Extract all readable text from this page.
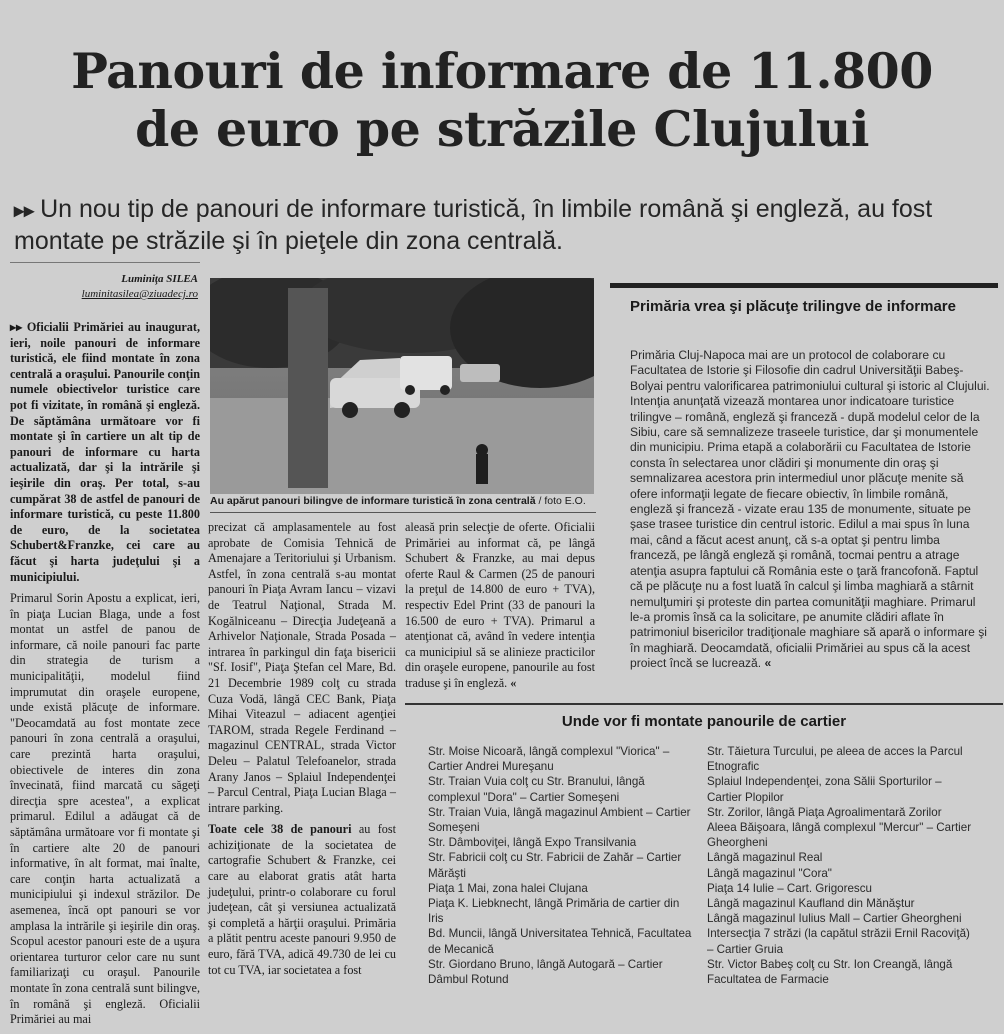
Panouri de informare de 11.800
de euro pe străzile Clujului
▸▸ Un nou tip de panouri de informare turistică, în limbile română şi engleză, au fost montate pe străzile şi în pieţele din zona centrală.
Luminiţa SILEA
luminitasilea@ziuadecj.ro

▸▸ Oficialii Primăriei au inaugurat, ieri, noile panouri de informare turistică, ele fiind montate în zona centrală a oraşului. Panourile conţin numele obiectivelor turistice care pot fi vizitate, în română şi engleză. De săptămâna următoare vor fi montate şi în cartiere un alt tip de panouri de informare cu harta actualizată, dar şi la intrările şi ieşirile din oraş. Per total, s-au cumpărat 38 de astfel de panouri de informare turistică, cu peste 11.800 de euro, de la societatea Schubert&Franzke, cei care au făcut şi harta judeţului şi a municipiului.

Primarul Sorin Apostu a explicat, ieri, în piaţa Lucian Blaga, unde a fost montat un astfel de panou de informare, că noile panouri fac parte din strategia de turism a municipalităţii, modelul fiind imprumutat din oraşele europene, unde există plăcuţe de informare. "Deocamdată au fost montate zece panouri în zona centrală a oraşului, care prezintă harta oraşului, obiectivele de interes din zona învecinată, fiind marcată cu săgeţi direcţia spre acestea", a explicat primarul. Edilul a adăugat că de săptămâna următoare vor fi montate şi în cartiere alte 20 de panouri informative, în alt format, mai înalte, care conţin harta actualizată a municipiului şi indexul străzilor. De asemenea, încă opt panouri se vor amplasa la intrările şi ieşirile din oraş. Scopul acestor panouri este de a uşura orientarea turturor celor care nu sunt familiarizaţi cu oraşul. Panourile montate în zona centrală sunt bilingve, în română şi engleză. Oficialii Primăriei au mai

Au apărut panouri bilingve de informare turistică în zona centrală / foto E.O.

precizat că amplasamentele au fost aprobate de Comisia Tehnică de Amenajare a Teritoriului şi Urbanism. Astfel, în zona centrală s-au montat panouri în Piaţa Avram Iancu – vizavi de Teatrul Naţional, Strada M. Kogălniceanu – Direcţia Judeţeană a Arhivelor Naţionale, Strada Posada – intrarea în parkingul din faţa bisericii "Sf. Iosif", Piaţa Ştefan cel Mare, Bd. 21 Decembrie 1989 colţ cu strada Cuza Vodă, lângă CEC Bank, Piaţa Mihai Viteazul – adiacent agenţiei TAROM, strada Regele Ferdinand – magazinul CENTRAL, strada Victor Deleu – Palatul Telefoanelor, strada Arany Janos – Splaiul Independenţei – Parcul Central, Piaţa Lucian Blaga – intrare parking.

Toate cele 38 de panouri au fost achiziţionate de la societatea de cartografie Schubert & Franzke, cei care au elaborat gratis atât harta judeţului, printr-o colaborare cu forul judeţean, cât şi versiunea actualizată şi completă a hărţii oraşului. Primăria a plătit pentru aceste panouri 9.950 de euro, fără TVA, adică 49.730 de lei cu tot cu TVA, iar societatea a fost

aleasă prin selecţie de oferte. Oficialii Primăriei au informat că, pe lângă Schubert & Franzke, au mai depus oferte Raul & Carmen (25 de panouri la preţul de 14.800 de euro + TVA), respectiv Edel Print (33 de panouri la 16.500 de euro + TVA). Primarul a atenţionat că, având în vedere intenţia ca municipiul să se alinieze practicilor din oraşele europene, panourile au fost traduse şi în engleză. «

Primăria vrea şi plăcuţe trilingve de informare
Primăria Cluj-Napoca mai are un protocol de colaborare cu Facultatea de Istorie şi Filosofie din cadrul Universităţii Babeş-Bolyai pentru valorificarea patrimoniului cultural şi istoric al Clujului. Intenţia anunţată vizează montarea unor indicatoare turistice trilingve – română, engleză şi franceză - după modelul celor de la Sibiu, care să semnalizeze traseele turistice, dar şi monumentele din municipiu. Prima etapă a colaborării cu Facultatea de Istorie consta în selectarea unor clădiri şi monumente din oraş şi semnalizarea acestora prin intermediul unor plăcuţe menite să ofere informaţii legate de fiecare obiectiv, în limbile română, engleză şi franceză - vizate erau 135 de monumente, situate pe şase trasee turistice din centrul istoric. Edilul a mai spus în luna mai, când a făcut acest anunţ, că s-a optat şi pentru limba franceză, pe lângă engleză şi română, tocmai pentru a atrage atenţia asupra faptului că România este o ţară francofonă. Faptul că pe plăcuţe nu a fost luată în calcul şi limba maghiară a stârnit nemulţumiri şi proteste din partea comunităţii maghiare. Primarul le-a promis însă ca la solicitare, pe anumite clădiri aflate în patrimoniul bisericilor tradiţionale maghiare să apară o informare şi în maghiară. Deocamdată, oficialii Primăriei au spus că la acest proiect încă se lucrează. «
Unde vor fi montate panourile de cartier
Str. Moise Nicoară, lângă complexul "Viorica" – Cartier Andrei Mureşanu
Str. Traian Vuia colţ cu Str. Branului, lângă complexul "Dora" – Cartier Someşeni
Str. Traian Vuia, lângă magazinul Ambient – Cartier Someşeni
Str. Dâmboviţei, lângă Expo Transilvania
Str. Fabricii colţ cu Str. Fabricii de Zahăr – Cartier Mărăşti
Piaţa 1 Mai, zona halei Clujana
Piaţa K. Liebknecht, lângă Primăria de cartier din Iris
Bd. Muncii, lângă Universitatea Tehnică, Facultatea de Mecanică
Str. Giordano Bruno, lângă Autogară – Cartier Dâmbul Rotund
Str. Tăietura Turcului, pe aleea de acces la Parcul Etnografic
Splaiul Independenţei, zona Sălii Sporturilor – Cartier Plopilor
Str. Zorilor, lângă Piaţa Agroalimentară Zorilor
Aleea Băişoara, lângă complexul "Mercur" – Cartier Gheorgheni
Lângă magazinul Real
Lângă magazinul "Cora"
Piaţa 14 Iulie – Cart. Grigorescu
Lângă magazinul Kaufland din Mănăştur
Lângă magazinul Iulius Mall – Cartier Gheorgheni
Intersecţia 7 străzi (la capătul străzii Ernil Racoviţă) – Cartier Gruia
Str. Victor Babeş colţ cu Str. Ion Creangă, lângă Facultatea de Farmacie
